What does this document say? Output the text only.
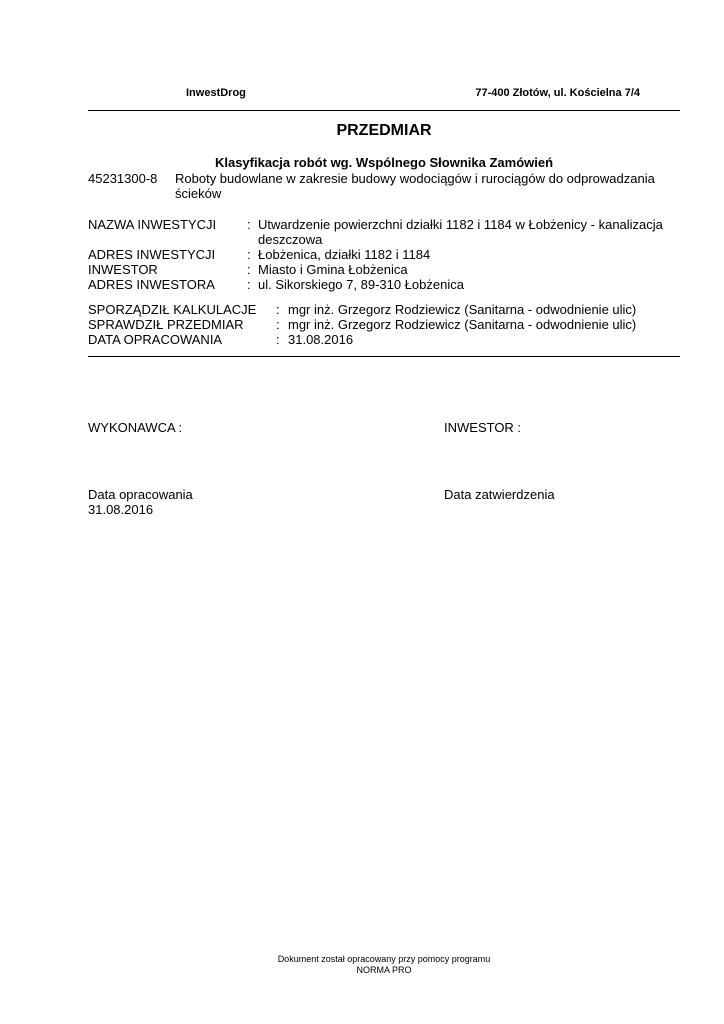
InwestDrog	77-400 Złotów, ul. Kościelna 7/4
PRZEDMIAR
Klasyfikacja robót wg. Wspólnego Słownika Zamówień
45231300-8 Roboty budowlane w zakresie budowy wodociągów i rurociągów do odprowadzania
ścieków
NAZWA INWESTYCJI : Utwardzenie powierzchni działki 1182 i 1184 w Łobżenicy - kanalizacja
deszczowa
ADRES INWESTYCJI : Łobżenica, działki 1182 i 1184
INWESTOR	: Miasto i Gmina Łobżenica
ADRES INWESTORA : ul. Sikorskiego 7, 89-310 Łobżenica
SPORZĄDZIŁ KALKULACJE : mgr inż. Grzegorz Rodziewicz (Sanitarna - odwodnienie ulic)
SPRAWDZIŁ PRZEDMIAR : mgr inż. Grzegorz Rodziewicz (Sanitarna - odwodnienie ulic)
DATA OPRACOWANIA	: 31.08.2016
WYKONAWCA :	INWESTOR :
Data opracowania
31.08.2016
Data zatwierdzenia
Dokument został opracowany przy pomocy programu
NORMA PRO
